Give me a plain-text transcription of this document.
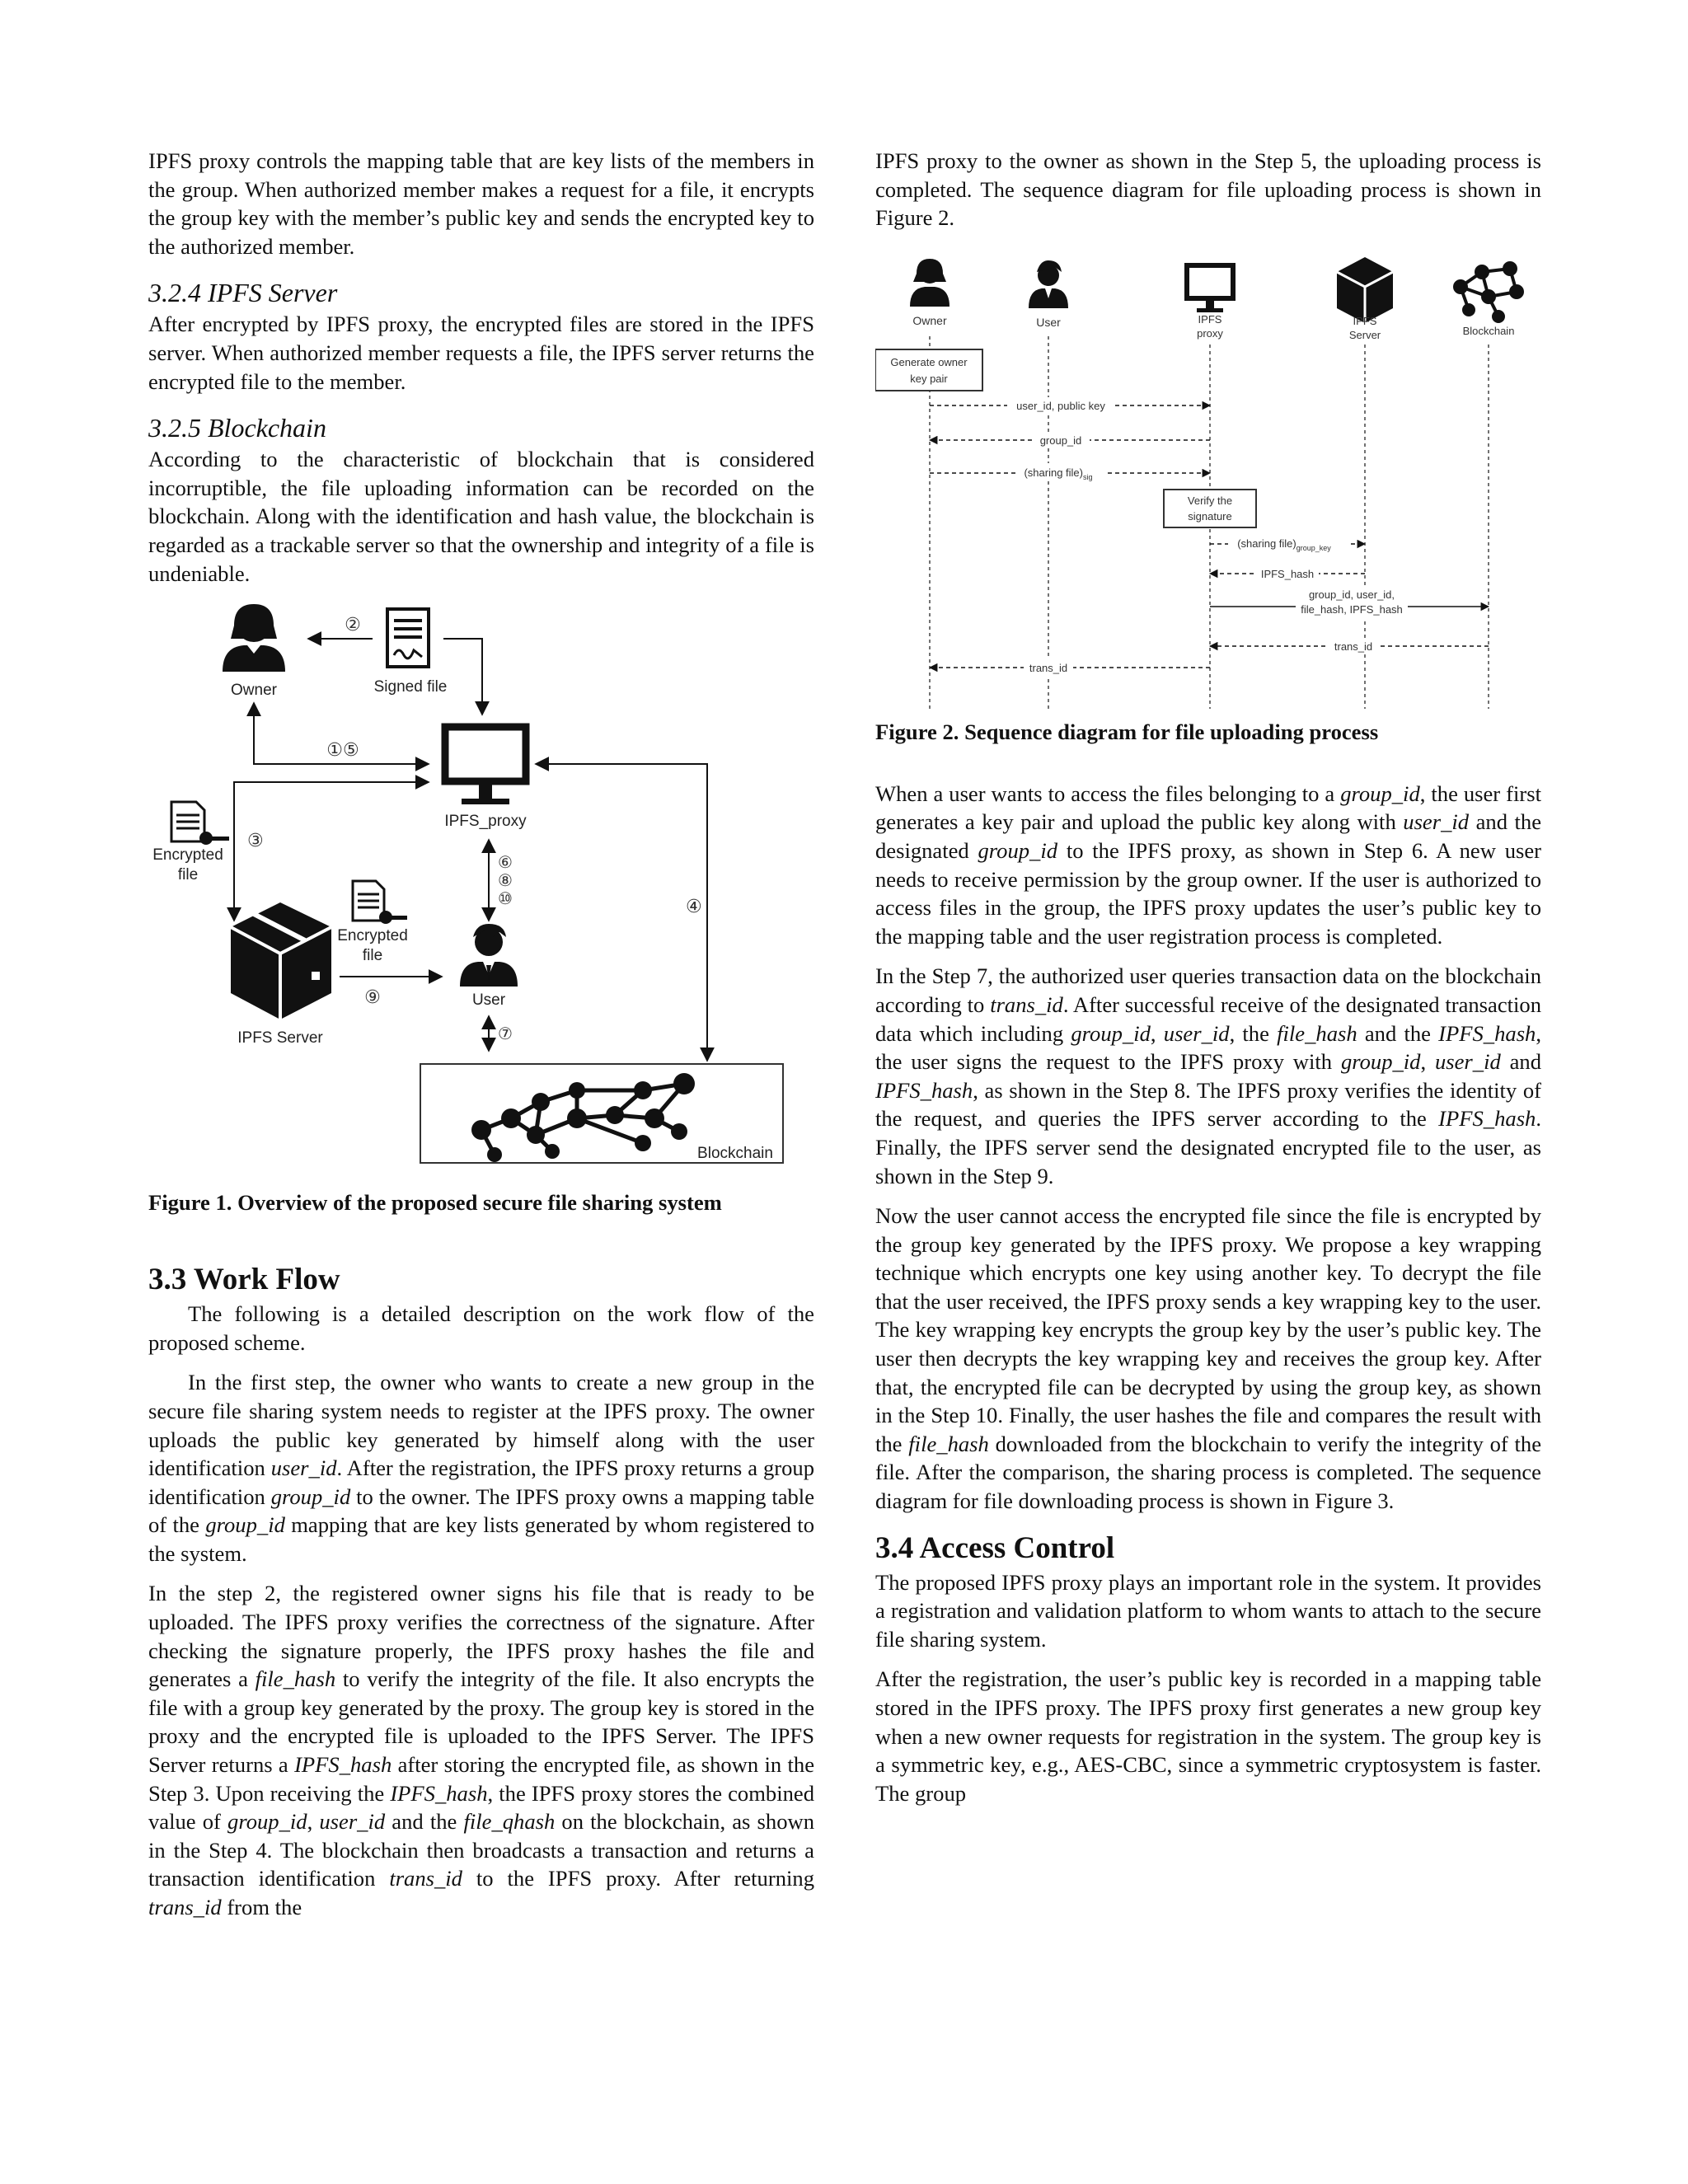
IPFS proxy controls the mapping table that are key lists of the members in the group. When authorized member makes a request for a file, it encrypts the group key with the member’s public key and sends the encrypted key to the authorized member.

3.2.4 IPFS Server

After encrypted by IPFS proxy, the encrypted files are stored in the IPFS server. When authorized member requests a file, the IPFS server returns the encrypted file to the member.

3.2.5 Blockchain

According to the characteristic of blockchain that is considered incorruptible, the file uploading information can be recorded on the blockchain. Along with the identification and hash value, the blockchain is regarded as a trackable server so that the ownership and integrity of a file is undeniable.

Owner	Signed file
②
IPFS_proxy
①⑤
③
Encrypted
file
IPFS Server
Encrypted
file
⑨
⑥
⑧
⑩
User
⑦
④
Blockchain

Figure 1. Overview of the proposed secure file sharing system

3.3 Work Flow

The following is a detailed description on the work flow of the proposed scheme.

In the first step, the owner who wants to create a new group in the secure file sharing system needs to register at the IPFS proxy. The owner uploads the public key generated by himself along with the user identification user_id. After the registration, the IPFS proxy returns a group identification group_id to the owner. The IPFS proxy owns a mapping table of the group_id mapping that are key lists generated by whom registered to the system.

In the step 2, the registered owner signs his file that is ready to be uploaded. The IPFS proxy verifies the correctness of the signature. After checking the signature properly, the IPFS proxy hashes the file and generates a file_hash to verify the integrity of the file. It also encrypts the file with a group key generated by the proxy. The group key is stored in the proxy and the encrypted file is uploaded to the IPFS Server. The IPFS Server returns a IPFS_hash after storing the encrypted file, as shown in the Step 3. Upon receiving the IPFS_hash, the IPFS proxy stores the combined value of group_id, user_id and the file_qhash on the blockchain, as shown in the Step 4. The blockchain then broadcasts a transaction and returns a transaction identification trans_id to the IPFS proxy. After returning trans_id from the

IPFS proxy to the owner as shown in the Step 5, the uploading process is completed. The sequence diagram for file uploading process is shown in Figure 2.

Owner	User	IPFS
proxy
IPFS
Server	Blockchain
Generate owner
key pair
user_id, public key
group_id
(sharing $file)_{sig}$
Verify the
signature
(sharing $file)_{group\_key}$
IPFS_hash
group_id, user_id,
file_hash, IPFS_hash
trans_id
trans_id

Figure 2. Sequence diagram for file uploading process

When a user wants to access the files belonging to a group_id, the user first generates a key pair and upload the public key along with user_id and the designated group_id to the IPFS proxy, as shown in Step 6. A new user needs to receive permission by the group owner. If the user is authorized to access files in the group, the IPFS proxy updates the user’s public key to the mapping table and the user registration process is completed.

In the Step 7, the authorized user queries transaction data on the blockchain according to trans_id. After successful receive of the designated transaction data which including group_id, user_id, the file_hash and the IPFS_hash, the user signs the request to the IPFS proxy with group_id, user_id and IPFS_hash, as shown in the Step 8. The IPFS proxy verifies the identity of the request, and queries the IPFS server according to the IPFS_hash. Finally, the IPFS server send the designated encrypted file to the user, as shown in the Step 9.

Now the user cannot access the encrypted file since the file is encrypted by the group key generated by the IPFS proxy. We propose a key wrapping technique which encrypts one key using another key. To decrypt the file that the user received, the IPFS proxy sends a key wrapping key to the user. The key wrapping key encrypts the group key by the user’s public key. The user then decrypts the key wrapping key and receives the group key. After that, the encrypted file can be decrypted by using the group key, as shown in the Step 10. Finally, the user hashes the file and compares the result with the file_hash downloaded from the blockchain to verify the integrity of the file. After the comparison, the sharing process is completed. The sequence diagram for file downloading process is shown in Figure 3.

3.4 Access Control

The proposed IPFS proxy plays an important role in the system. It provides a registration and validation platform to whom wants to attach to the secure file sharing system.

After the registration, the user’s public key is recorded in a mapping table stored in the IPFS proxy. The IPFS proxy first generates a new group key when a new owner requests for registration in the system. The group key is a symmetric key, e.g., AES-CBC, since a symmetric cryptosystem is faster. The group
